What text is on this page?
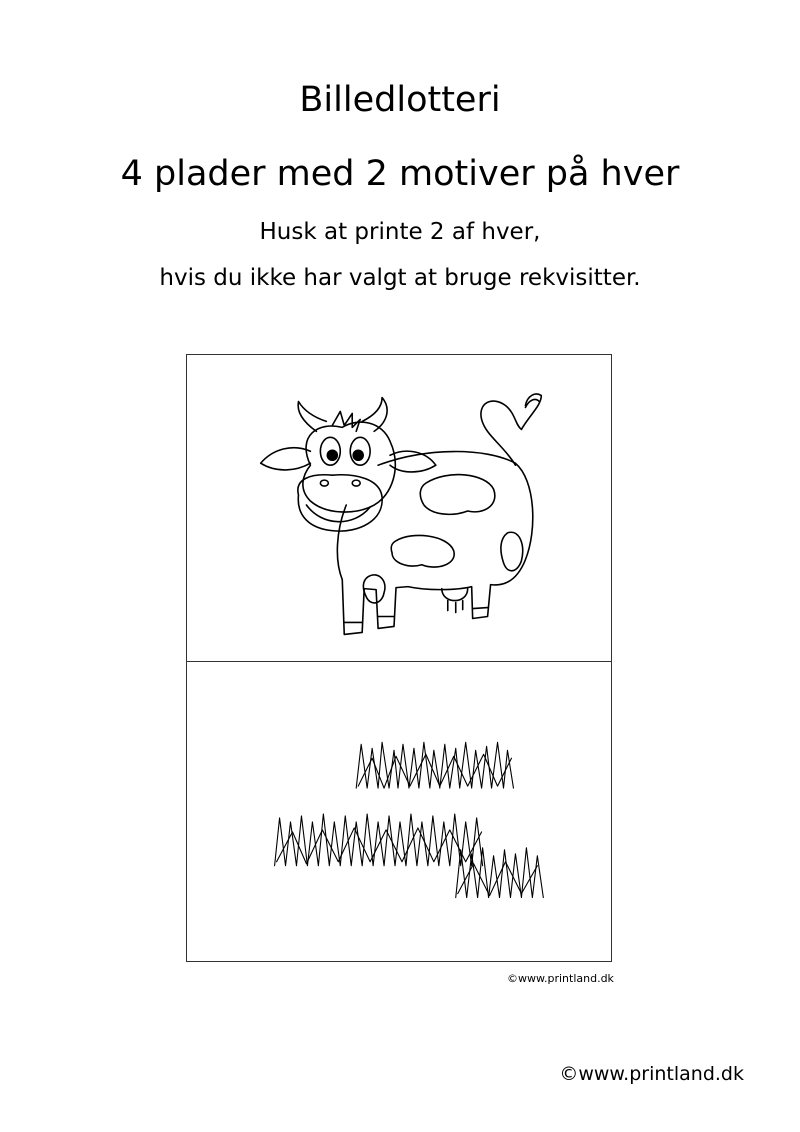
Billedlotteri
4 plader med 2 motiver på hver
Husk at printe 2 af hver,
hvis du ikke har valgt at bruge rekvisitter.
©www.printland.dk
©www.printland.dk
